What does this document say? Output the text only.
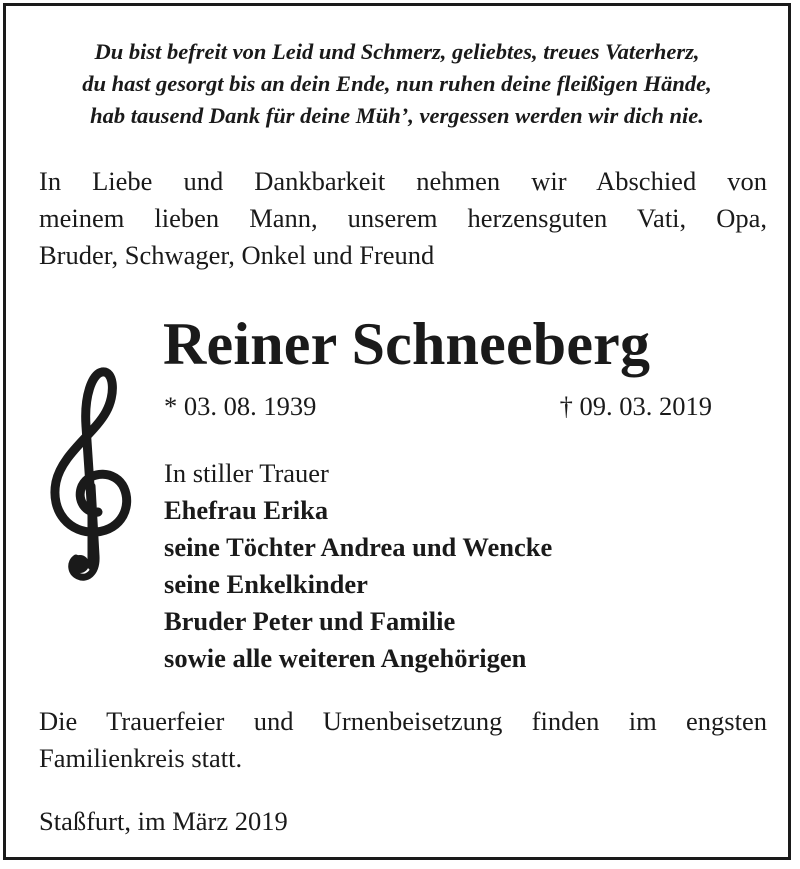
Du bist befreit von Leid und Schmerz, geliebtes, treues Vaterherz,
du hast gesorgt bis an dein Ende, nun ruhen deine fleißigen Hände,
hab tausend Dank für deine Müh’, vergessen werden wir dich nie.
In Liebe und Dankbarkeit nehmen wir Abschied von
meinem lieben Mann, unserem herzensguten Vati, Opa,
Bruder, Schwager, Onkel und Freund
Reiner Schneeberg
* 03. 08. 1939	† 09. 03. 2019
In stiller Trauer
Ehefrau Erika
seine Töchter Andrea und Wencke
seine Enkelkinder
Bruder Peter und Familie
sowie alle weiteren Angehörigen
Die Trauerfeier und Urnenbeisetzung finden im engsten
Familienkreis statt.
Staßfurt, im März 2019
